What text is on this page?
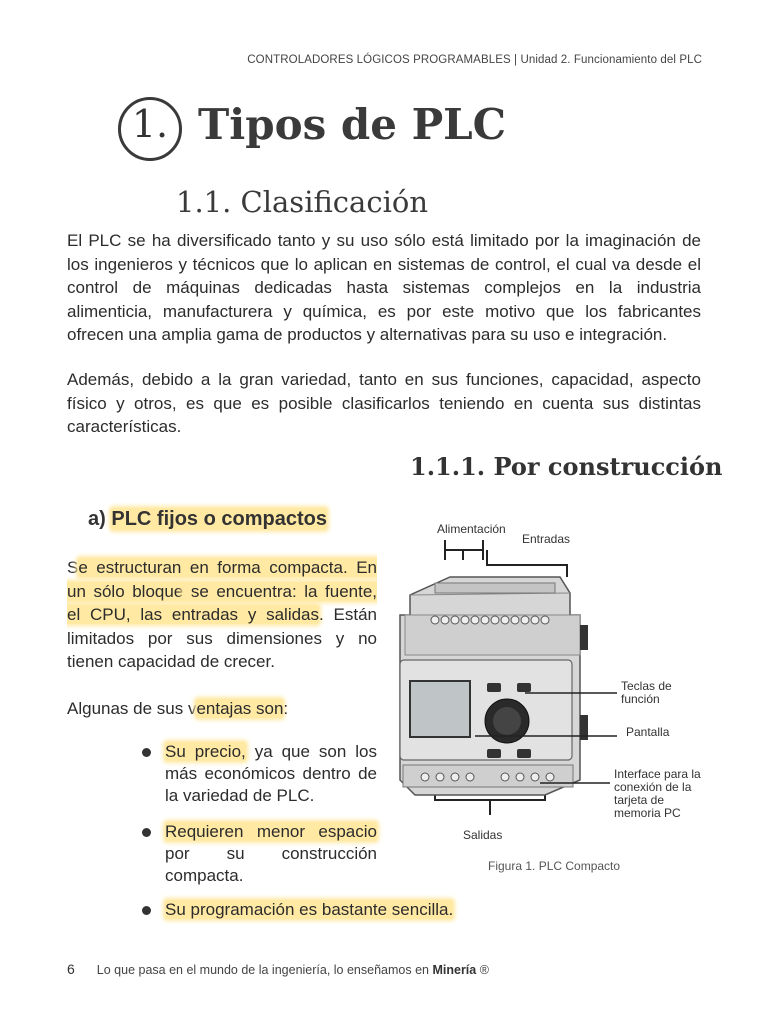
CONTROLADORES LÓGICOS PROGRAMABLES | Unidad 2. Funcionamiento del PLC
1. Tipos de PLC
1.1. Clasificación
El PLC se ha diversificado tanto y su uso sólo está limitado por la imaginación de los ingenieros y técnicos que lo aplican en sistemas de control, el cual va desde el control de máquinas dedicadas hasta sistemas complejos en la industria alimenticia, manufacturera y química, es por este motivo que los fabricantes ofrecen una amplia gama de productos y alternativas para su uso e integración.
Además, debido a la gran variedad, tanto en sus funciones, capacidad, aspecto físico y otros, es que es posible clasificarlos teniendo en cuenta sus distintas características.
1.1.1. Por construcción
a) PLC fijos o compactos
Se estructuran en forma compacta. En un sólo bloque se encuentra: la fuente, el CPU, las entradas y salidas. Están limitados por sus dimensiones y no tienen capacidad de crecer.
Algunas de sus ventajas son:
Su precio, ya que son los más económicos dentro de la variedad de PLC.
Requieren menor espacio por su construcción compacta.
Su programación es bastante sencilla.
Alimentación
Entradas
Teclas de función
Pantalla
Interface para la conexión de la tarjeta de memoria PC
Salidas
Figura 1. PLC Compacto
6 Lo que pasa en el mundo de la ingeniería, lo enseñamos en Minería ®
